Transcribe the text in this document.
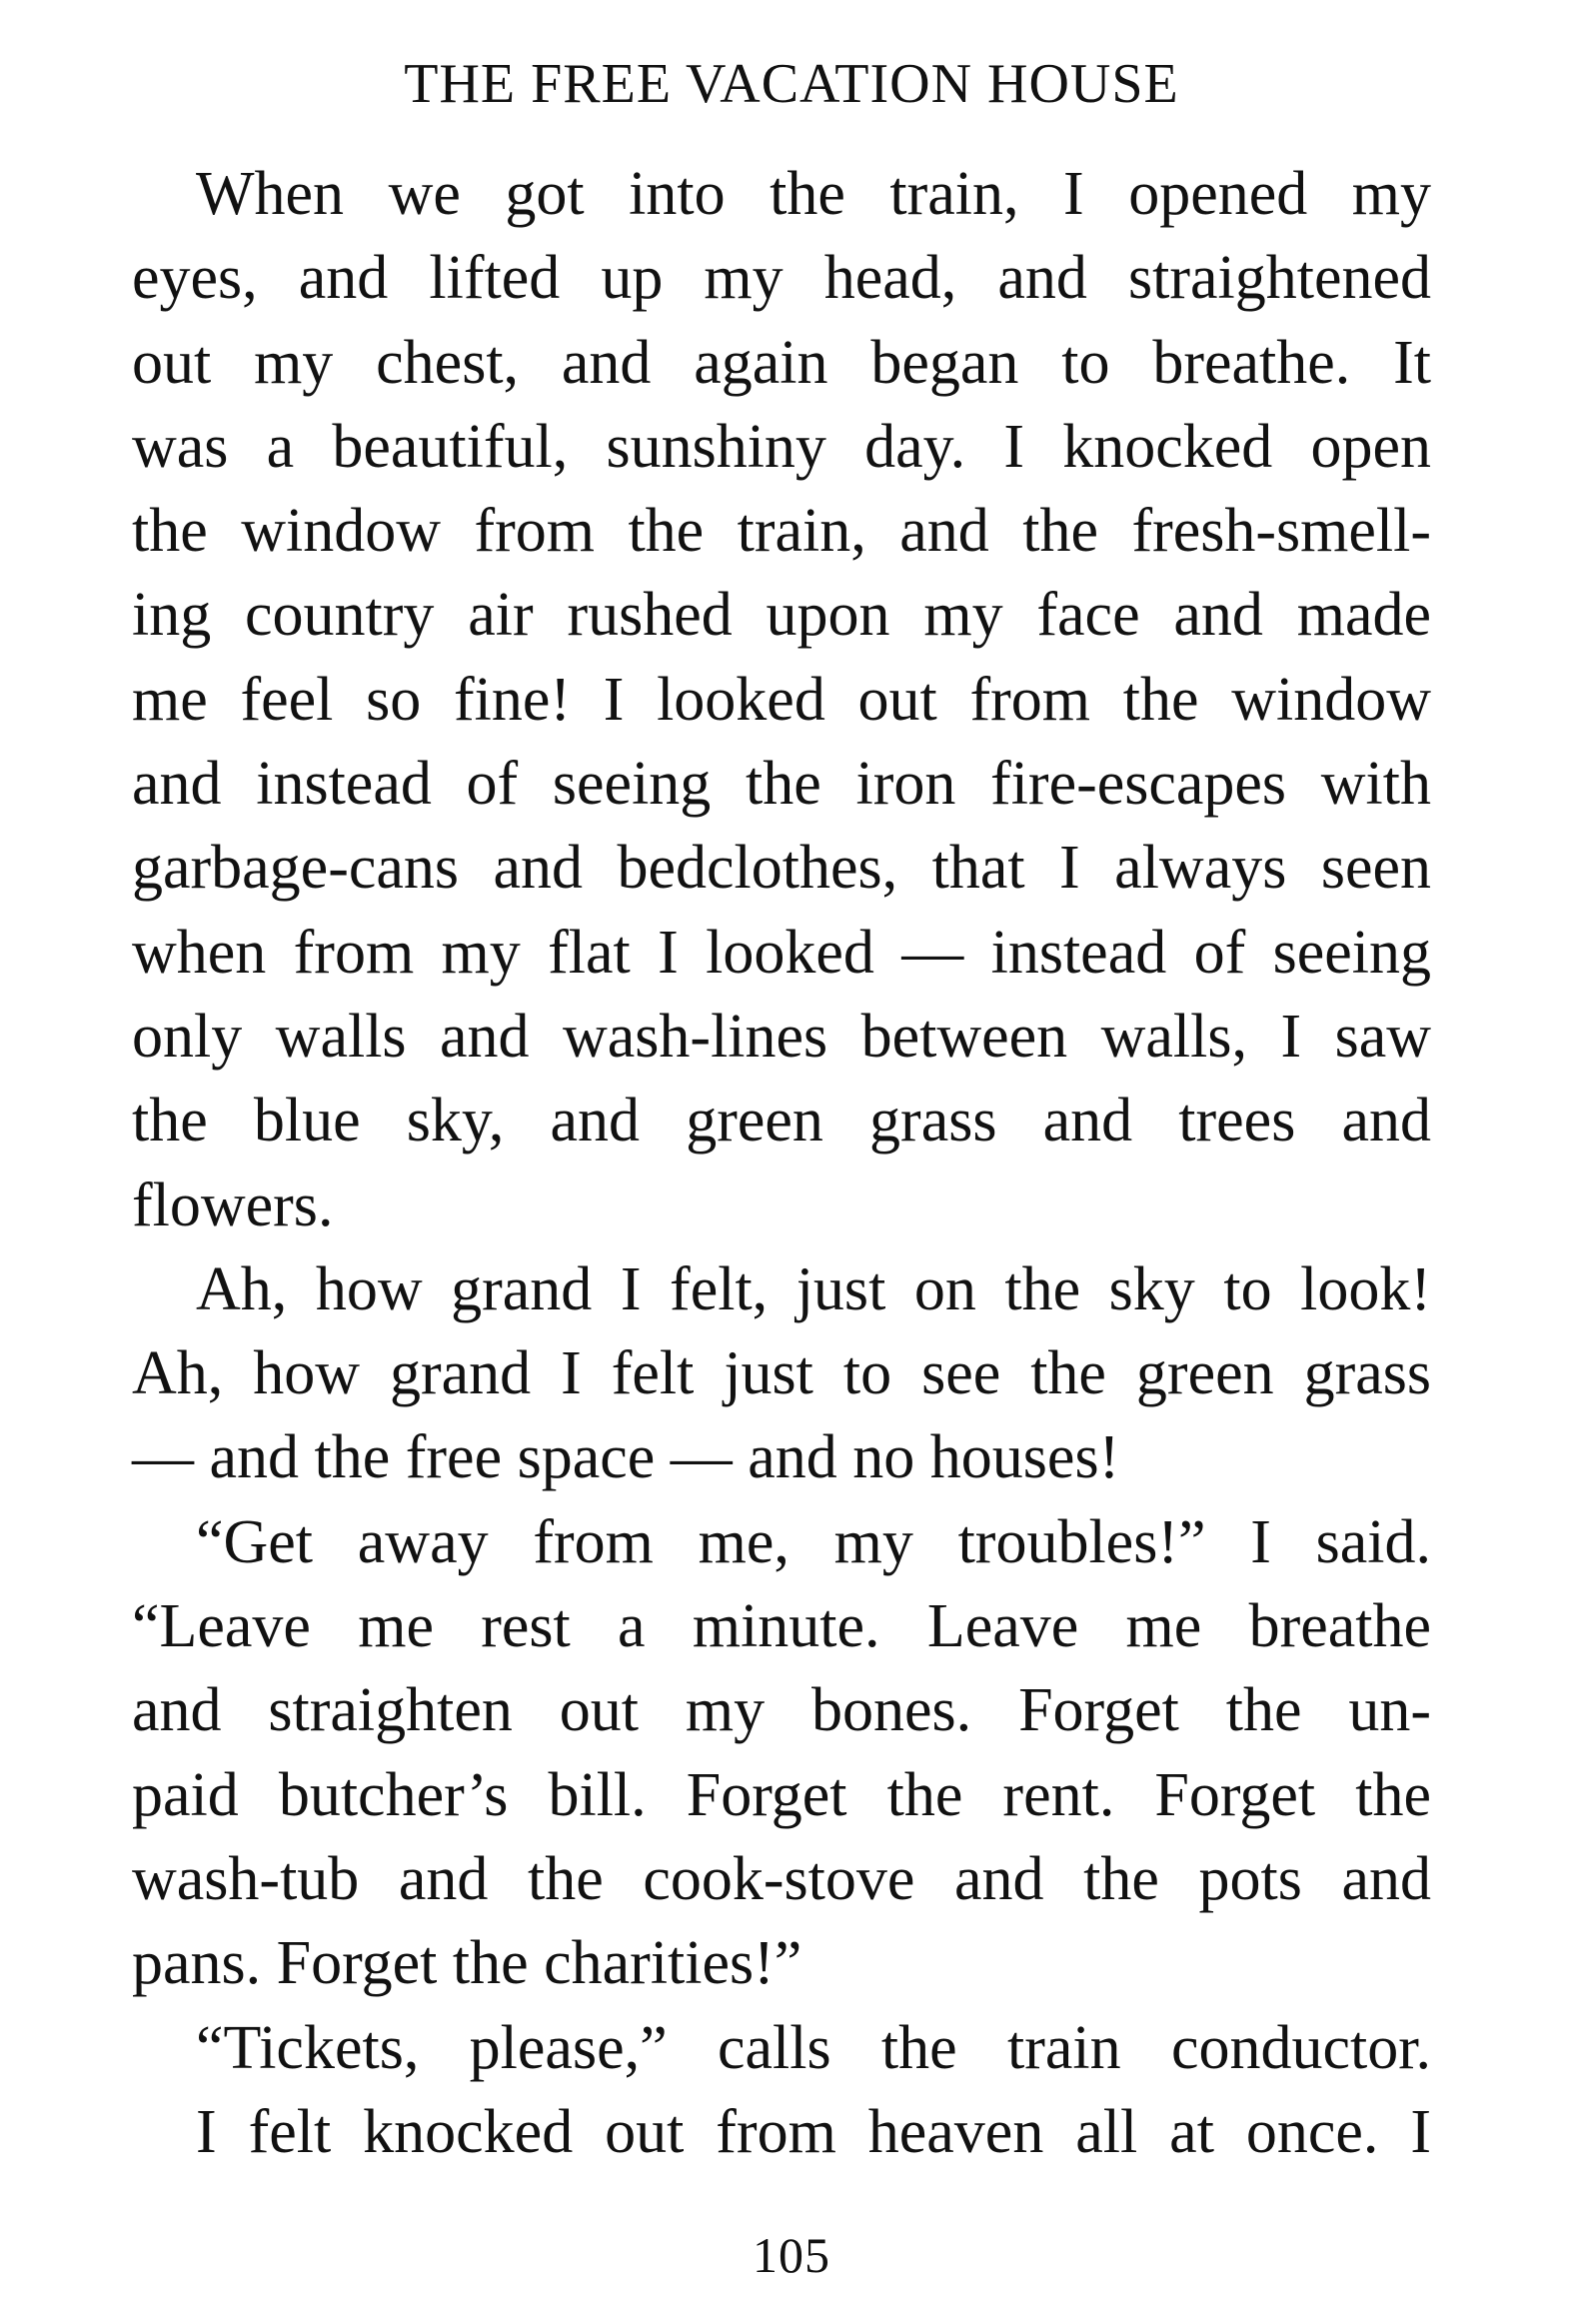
THE FREE VACATION HOUSE
When we got into the train, I opened my
eyes, and lifted up my head, and straightened
out my chest, and again began to breathe. It
was a beautiful, sunshiny day. I knocked open
the window from the train, and the fresh-smell-
ing country air rushed upon my face and made
me feel so fine! I looked out from the window
and instead of seeing the iron fire-escapes with
garbage-cans and bedclothes, that I always seen
when from my flat I looked — instead of seeing
only walls and wash-lines between walls, I saw
the blue sky, and green grass and trees and
flowers.
Ah, how grand I felt, just on the sky to look!
Ah, how grand I felt just to see the green grass
— and the free space — and no houses!
“Get away from me, my troubles!” I said.
“Leave me rest a minute. Leave me breathe
and straighten out my bones. Forget the un-
paid butcher’s bill. Forget the rent. Forget the
wash-tub and the cook-stove and the pots and
pans. Forget the charities!”
“Tickets, please,” calls the train conductor.
I felt knocked out from heaven all at once. I
105
